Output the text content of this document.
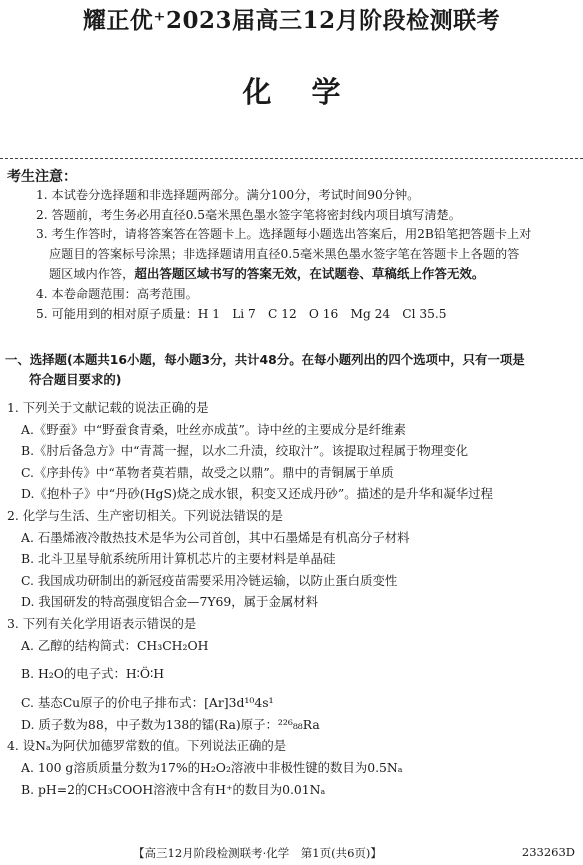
耀正优⁺2023届高三12月阶段检测联考
化学
考生注意：
1. 本试卷分选择题和非选择题两部分。满分100分，考试时间90分钟。
2. 答题前，考生务必用直径0.5毫米黑色墨水签字笔将密封线内项目填写清楚。
3. 考生作答时，请将答案答在答题卡上。选择题每小题选出答案后，用2B铅笔把答题卡上对
应题目的答案标号涂黑；非选择题请用直径0.5毫米黑色墨水签字笔在答题卡上各题的答
题区域内作答，超出答题区域书写的答案无效，在试题卷、草稿纸上作答无效。
4. 本卷命题范围：高考范围。
5. 可能用到的相对原子质量：H 1　Li 7　C 12　O 16　Mg 24　Cl 35.5
一、选择题(本题共16小题，每小题3分，共计48分。在每小题列出的四个选项中，只有一项是
符合题目要求的)
1. 下列关于文献记载的说法正确的是
A.《野蚕》中“野蚕食青桑，吐丝亦成茧”。诗中丝的主要成分是纤维素
B.《肘后备急方》中“青蒿一握，以水二升渍，绞取汁”。该提取过程属于物理变化
C.《序卦传》中“革物者莫若鼎，故受之以鼎”。鼎中的青铜属于单质
D.《抱朴子》中“丹砂(HgS)烧之成水银，积变又还成丹砂”。描述的是升华和凝华过程
2. 化学与生活、生产密切相关。下列说法错误的是
A. 石墨烯液冷散热技术是华为公司首创，其中石墨烯是有机高分子材料
B. 北斗卫星导航系统所用计算机芯片的主要材料是单晶硅
C. 我国成功研制出的新冠疫苗需要采用冷链运输，以防止蛋白质变性
D. 我国研发的特高强度铝合金—7Y69，属于金属材料
3. 下列有关化学用语表示错误的是
A. 乙醇的结构简式：CH₃CH₂OH
B. H₂O的电子式：H∶Ö∶H
C. 基态Cu原子的价电子排布式：[Ar]3d¹⁰4s¹
D. 质子数为88，中子数为138的镭(Ra)原子：²²⁶₈₈Ra
4. 设Nₐ为阿伏加德罗常数的值。下列说法正确的是
A. 100 g溶质质量分数为17%的H₂O₂溶液中非极性键的数目为0.5Nₐ
B. pH=2的CH₃COOH溶液中含有H⁺的数目为0.01Nₐ
【高三12月阶段检测联考·化学　第1页(共6页)】	233263D
